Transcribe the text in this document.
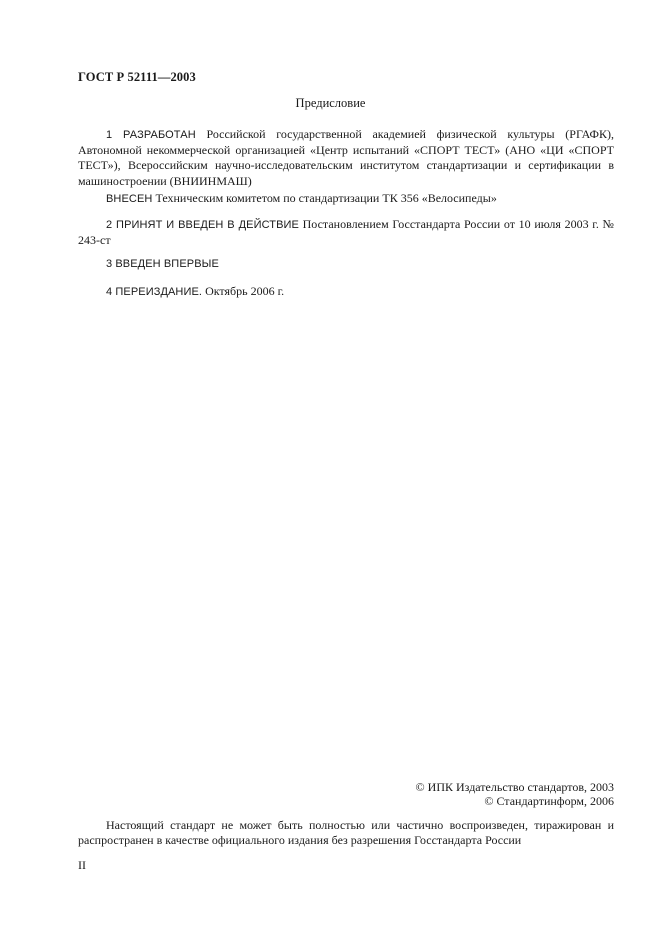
ГОСТ Р 52111—2003
Предисловие
1 РАЗРАБОТАН Российской государственной академией физической культуры (РГАФК), Автономной некоммерческой организацией «Центр испытаний «СПОРТ ТЕСТ» (АНО «ЦИ «СПОРТ ТЕСТ»), Всероссийским научно-исследовательским институтом стандартизации и сертификации в машиностроении (ВНИИНМАШ)
ВНЕСЕН Техническим комитетом по стандартизации ТК 356 «Велосипеды»
2 ПРИНЯТ И ВВЕДЕН В ДЕЙСТВИЕ Постановлением Госстандарта России от 10 июля 2003 г. № 243-ст
3 ВВЕДЕН ВПЕРВЫЕ
4 ПЕРЕИЗДАНИЕ. Октябрь 2006 г.
© ИПК Издательство стандартов, 2003
© Стандартинформ, 2006
Настоящий стандарт не может быть полностью или частично воспроизведен, тиражирован и распространен в качестве официального издания без разрешения Госстандарта России
II
